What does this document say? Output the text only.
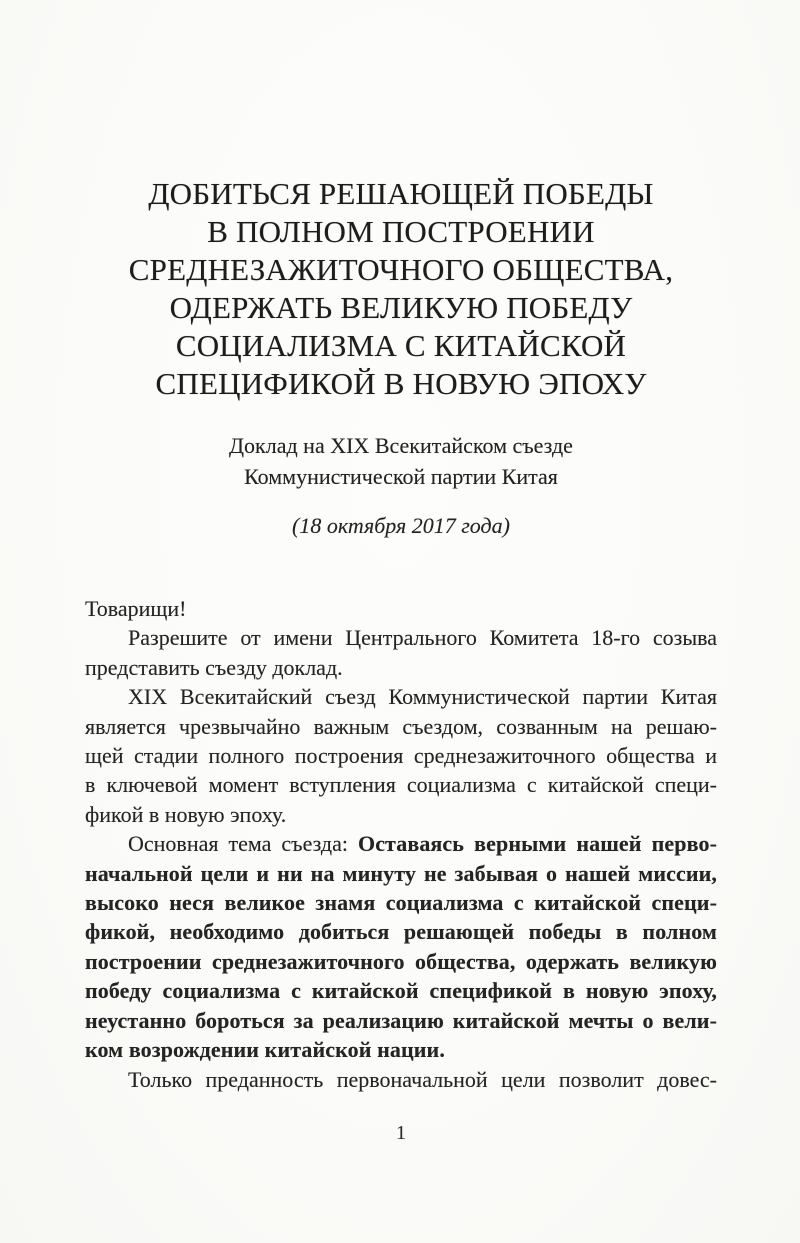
ДОБИТЬСЯ РЕШАЮЩЕЙ ПОБЕДЫ
В ПОЛНОМ ПОСТРОЕНИИ
СРЕДНЕЗАЖИТОЧНОГО ОБЩЕСТВА,
ОДЕРЖАТЬ ВЕЛИКУЮ ПОБЕДУ
СОЦИАЛИЗМА С КИТАЙСКОЙ
СПЕЦИФИКОЙ В НОВУЮ ЭПОХУ
Доклад на XIX Всекитайском съезде
Коммунистической партии Китая
(18 октября 2017 года)
Товарищи!
Разрешите от имени Центрального Комитета 18-го созыва
представить съезду доклад.
XIX Всекитайский съезд Коммунистической партии Китая
является чрезвычайно важным съездом, созванным на решаю-
щей стадии полного построения среднезажиточного общества и
в ключевой момент вступления социализма с китайской специ-
фикой в новую эпоху.
Основная тема съезда: Оставаясь верными нашей перво-
начальной цели и ни на минуту не забывая о нашей миссии,
высоко неся великое знамя социализма с китайской специ-
фикой, необходимо добиться решающей победы в полном
построении среднезажиточного общества, одержать великую
победу социализма с китайской спецификой в новую эпоху,
неустанно бороться за реализацию китайской мечты о вели-
ком возрождении китайской нации.
Только преданность первоначальной цели позволит довес-
1
